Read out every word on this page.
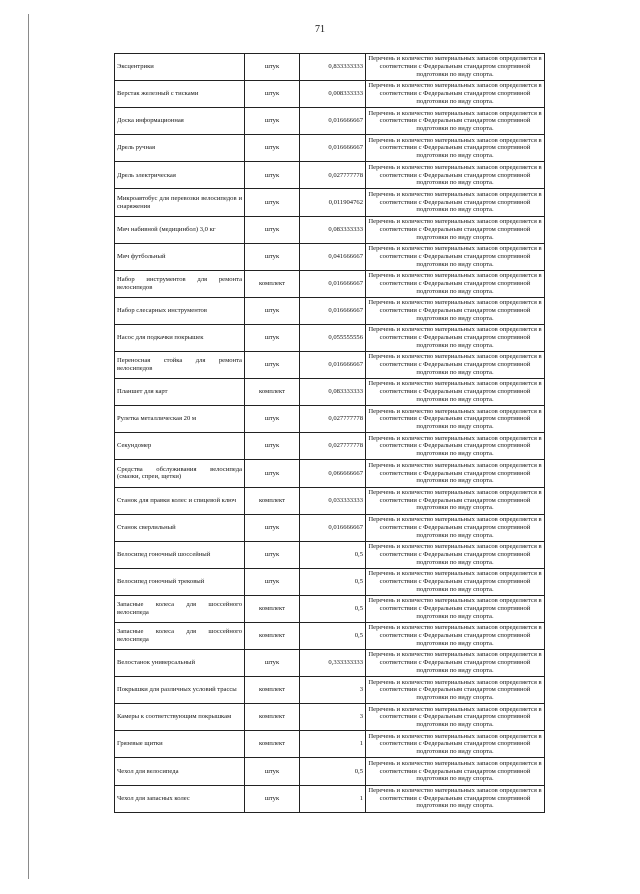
71
Эксцентрики	штук	0,833333333	Перечень и количество материальных запасов определяется в соответствии с Федеральным стандартом спортивной подготовки по виду спорта.
Верстак железный с тисками	штук	0,008333333	Перечень и количество материальных запасов определяется в соответствии с Федеральным стандартом спортивной подготовки по виду спорта.
Доска информационная	штук	0,016666667	Перечень и количество материальных запасов определяется в соответствии с Федеральным стандартом спортивной подготовки по виду спорта.
Дрель ручная	штук	0,016666667	Перечень и количество материальных запасов определяется в соответствии с Федеральным стандартом спортивной подготовки по виду спорта.
Дрель электрическая	штук	0,027777778	Перечень и количество материальных запасов определяется в соответствии с Федеральным стандартом спортивной подготовки по виду спорта.
Микроавтобус для перевозки велосипедов и снаряжения	штук	0,011904762	Перечень и количество материальных запасов определяется в соответствии с Федеральным стандартом спортивной подготовки по виду спорта.
Мяч набивной (медицинбол) 3,0 кг	штук	0,083333333	Перечень и количество материальных запасов определяется в соответствии с Федеральным стандартом спортивной подготовки по виду спорта.
Мяч футбольный	штук	0,041666667	Перечень и количество материальных запасов определяется в соответствии с Федеральным стандартом спортивной подготовки по виду спорта.
Набор инструментов для ремонта велосипедов	комплект	0,016666667	Перечень и количество материальных запасов определяется в соответствии с Федеральным стандартом спортивной подготовки по виду спорта.
Набор слесарных инструментов	штук	0,016666667	Перечень и количество материальных запасов определяется в соответствии с Федеральным стандартом спортивной подготовки по виду спорта.
Насос для подкачки покрышек	штук	0,055555556	Перечень и количество материальных запасов определяется в соответствии с Федеральным стандартом спортивной подготовки по виду спорта.
Переносная стойка для ремонта велосипедов	штук	0,016666667	Перечень и количество материальных запасов определяется в соответствии с Федеральным стандартом спортивной подготовки по виду спорта.
Планшет для карт	комплект	0,083333333	Перечень и количество материальных запасов определяется в соответствии с Федеральным стандартом спортивной подготовки по виду спорта.
Рулетка металлическая 20 м	штук	0,027777778	Перечень и количество материальных запасов определяется в соответствии с Федеральным стандартом спортивной подготовки по виду спорта.
Секундомер	штук	0,027777778	Перечень и количество материальных запасов определяется в соответствии с Федеральным стандартом спортивной подготовки по виду спорта.
Средства обслуживания велосипеда (смазки, спреи, щетки)	штук	0,066666667	Перечень и количество материальных запасов определяется в соответствии с Федеральным стандартом спортивной подготовки по виду спорта.
Станок для правки колес и спицевой ключ	комплект	0,033333333	Перечень и количество материальных запасов определяется в соответствии с Федеральным стандартом спортивной подготовки по виду спорта.
Станок сверлильный	штук	0,016666667	Перечень и количество материальных запасов определяется в соответствии с Федеральным стандартом спортивной подготовки по виду спорта.
Велосипед гоночный шоссейный	штук	0,5	Перечень и количество материальных запасов определяется в соответствии с Федеральным стандартом спортивной подготовки по виду спорта.
Велосипед гоночный трековый	штук	0,5	Перечень и количество материальных запасов определяется в соответствии с Федеральным стандартом спортивной подготовки по виду спорта.
Запасные колеса для шоссейного велосипеда	комплект	0,5	Перечень и количество материальных запасов определяется в соответствии с Федеральным стандартом спортивной подготовки по виду спорта.
Запасные колеса для шоссейного велосипеда	комплект	0,5	Перечень и количество материальных запасов определяется в соответствии с Федеральным стандартом спортивной подготовки по виду спорта.
Велостанок универсальный	штук	0,333333333	Перечень и количество материальных запасов определяется в соответствии с Федеральным стандартом спортивной подготовки по виду спорта.
Покрышки для различных условий трассы	комплект	3	Перечень и количество материальных запасов определяется в соответствии с Федеральным стандартом спортивной подготовки по виду спорта.
Камеры к соответствующим покрышкам	комплект	3	Перечень и количество материальных запасов определяется в соответствии с Федеральным стандартом спортивной подготовки по виду спорта.
Грязевые щитки	комплект	1	Перечень и количество материальных запасов определяется в соответствии с Федеральным стандартом спортивной подготовки по виду спорта.
Чехол для велосипеда	штук	0,5	Перечень и количество материальных запасов определяется в соответствии с Федеральным стандартом спортивной подготовки по виду спорта.
Чехол для запасных колес	штук	1	Перечень и количество материальных запасов определяется в соответствии с Федеральным стандартом спортивной подготовки по виду спорта.
